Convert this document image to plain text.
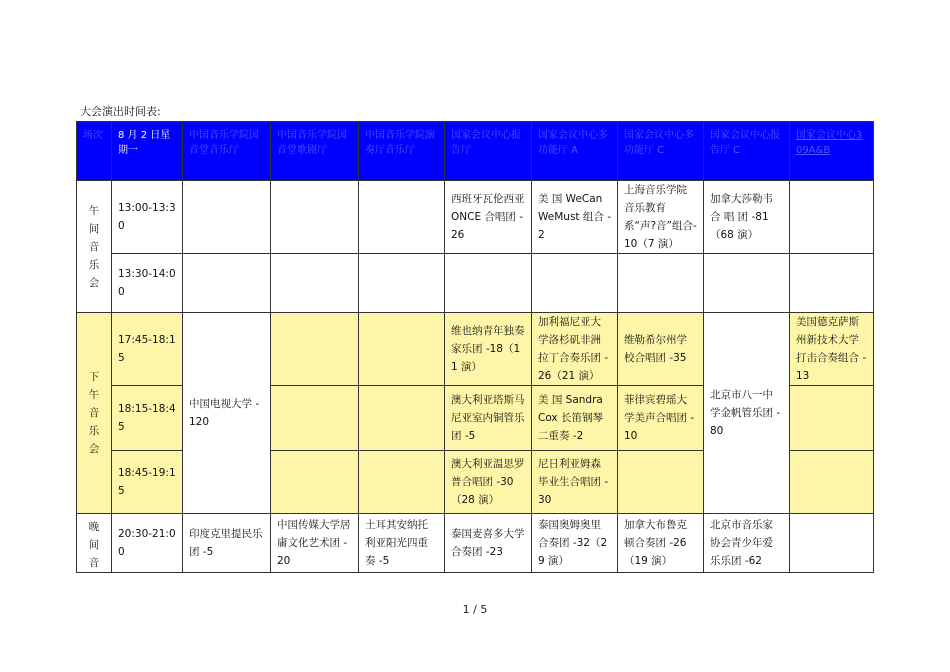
大会演出时间表:
场次	8 月 2 日星期一	中国音乐学院国音堂音乐厅	中国音乐学院国音堂歌剧厅	中国音乐学院演奏厅音乐厅	国家会议中心报告厅	国家会议中心多功能厅 A	国家会议中心多功能厅 C	国家会议中心报告厅 C	国家会议中心309A&B

午间音乐会	13:00-13:30				西班牙瓦伦西亚 ONCE 合唱团 -26	美 国 WeCanWeMust 组合 -2	上海音乐学院音乐教育系“声?音”组合-10（7 演）	加拿大莎勒韦合 唱 团 -81（68 演）	
	13:30-14:00								

下午音乐会	17:45-18:15	中国电视大学 -120			维也纳青年独奏家乐团 -18（11 演）	加利福尼亚大学洛杉矶非洲拉丁合奏乐团 -26（21 演）	维勒希尔州学校合唱团 -35	北京市八一中学金帆管乐团 -80	美国德克萨斯州新技术大学打击合奏组合 -13
	18:15-18:45				澳大利亚塔斯马尼亚室内铜管乐团 -5	美 国 Sandra Cox 长笛钢琴二重奏 -2	菲律宾碧瑶大学美声合唱团 -10		
	18:45-19:15				澳大利亚温思罗普合唱团 -30（28 演）	尼日利亚姆森毕业生合唱团 -30			

晚间音	20:30-21:00	印度克里提民乐团 -5	中国传媒大学居庸文化艺术团 -20	土耳其安纳托利亚阳光四重奏 -5	泰国麦喜多大学合奏团 -23	泰国奥姆奥里合奏团 -32（29 演）	加拿大布鲁克顿合奏团 -26（19 演）	北京市音乐家协会青少年爱乐乐团 -62	
1 / 5
